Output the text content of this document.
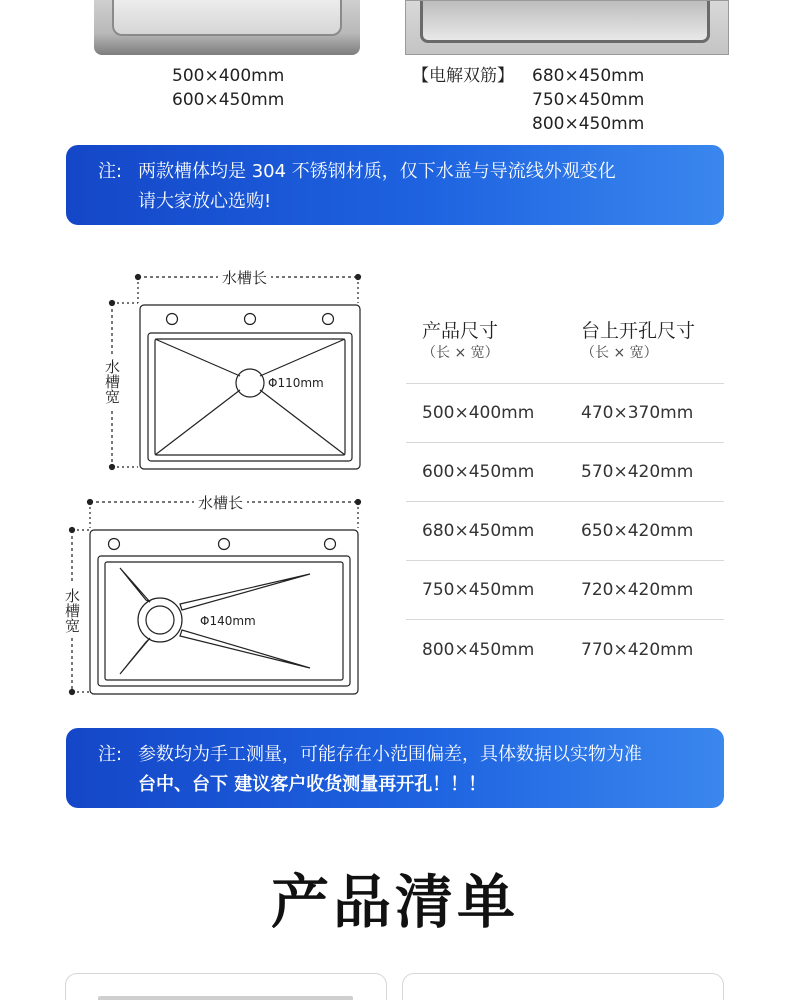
500×400mm
600×450mm
【电解双筋】 680×450mm
750×450mm
800×450mm
注: 两款槽体均是 304 不锈钢材质，仅下水盖与导流线外观变化
请大家放心选购!
水槽长
水槽宽	Φ110mm
水槽长
水槽宽	Φ140mm
产品尺寸
（长 × 宽）
台上开孔尺寸
（长 × 宽）
500×400mm	470×370mm
600×450mm	570×420mm
680×450mm	650×420mm
750×450mm	720×420mm
800×450mm	770×420mm
注: 参数均为手工测量，可能存在小范围偏差，具体数据以实物为准
台中、台下 建议客户收货测量再开孔！！！
产品清单
